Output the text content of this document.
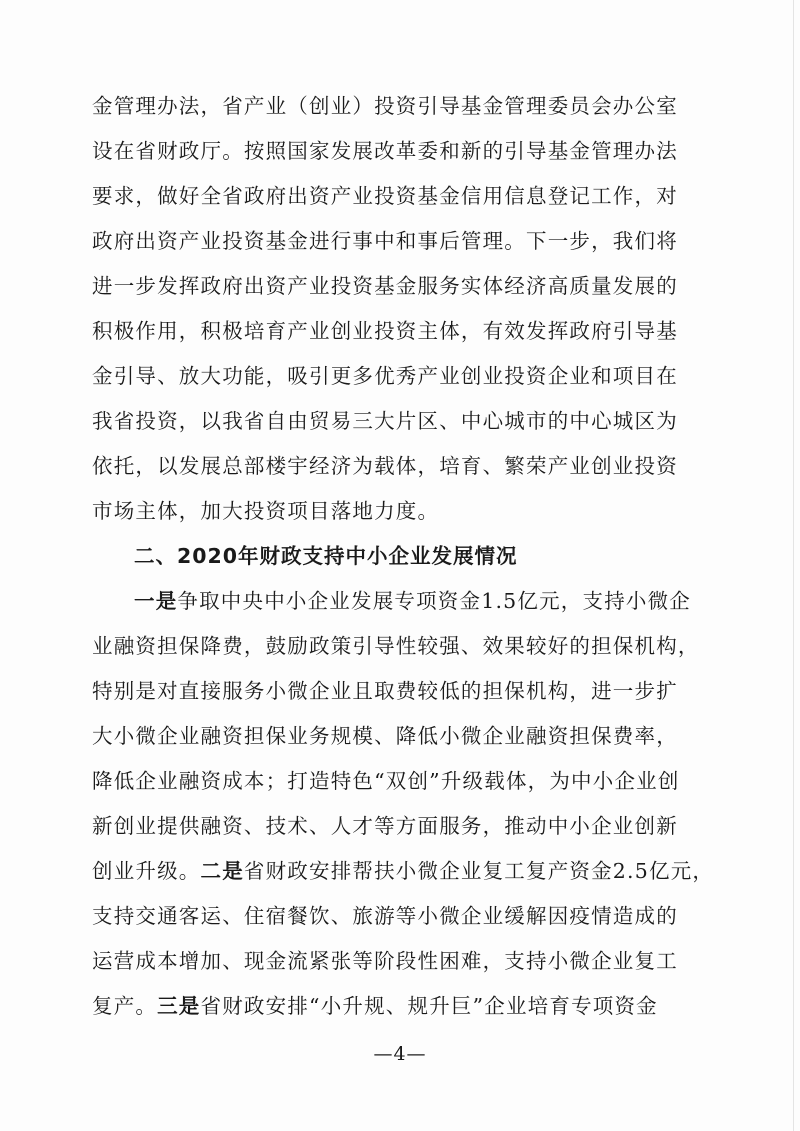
金管理办法，省产业（创业）投资引导基金管理委员会办公室
设在省财政厅。按照国家发展改革委和新的引导基金管理办法
要求，做好全省政府出资产业投资基金信用信息登记工作，对
政府出资产业投资基金进行事中和事后管理。下一步，我们将
进一步发挥政府出资产业投资基金服务实体经济高质量发展的
积极作用，积极培育产业创业投资主体，有效发挥政府引导基
金引导、放大功能，吸引更多优秀产业创业投资企业和项目在
我省投资，以我省自由贸易三大片区、中心城市的中心城区为
依托，以发展总部楼宇经济为载体，培育、繁荣产业创业投资
市场主体，加大投资项目落地力度。
二、2020年财政支持中小企业发展情况
一是争取中央中小企业发展专项资金1.5亿元，支持小微企
业融资担保降费，鼓励政策引导性较强、效果较好的担保机构，
特别是对直接服务小微企业且取费较低的担保机构，进一步扩
大小微企业融资担保业务规模、降低小微企业融资担保费率，
降低企业融资成本；打造特色“双创”升级载体，为中小企业创
新创业提供融资、技术、人才等方面服务，推动中小企业创新
创业升级。二是省财政安排帮扶小微企业复工复产资金2.5亿元，
支持交通客运、住宿餐饮、旅游等小微企业缓解因疫情造成的
运营成本增加、现金流紧张等阶段性困难，支持小微企业复工
复产。三是省财政安排“小升规、规升巨”企业培育专项资金
—4—
